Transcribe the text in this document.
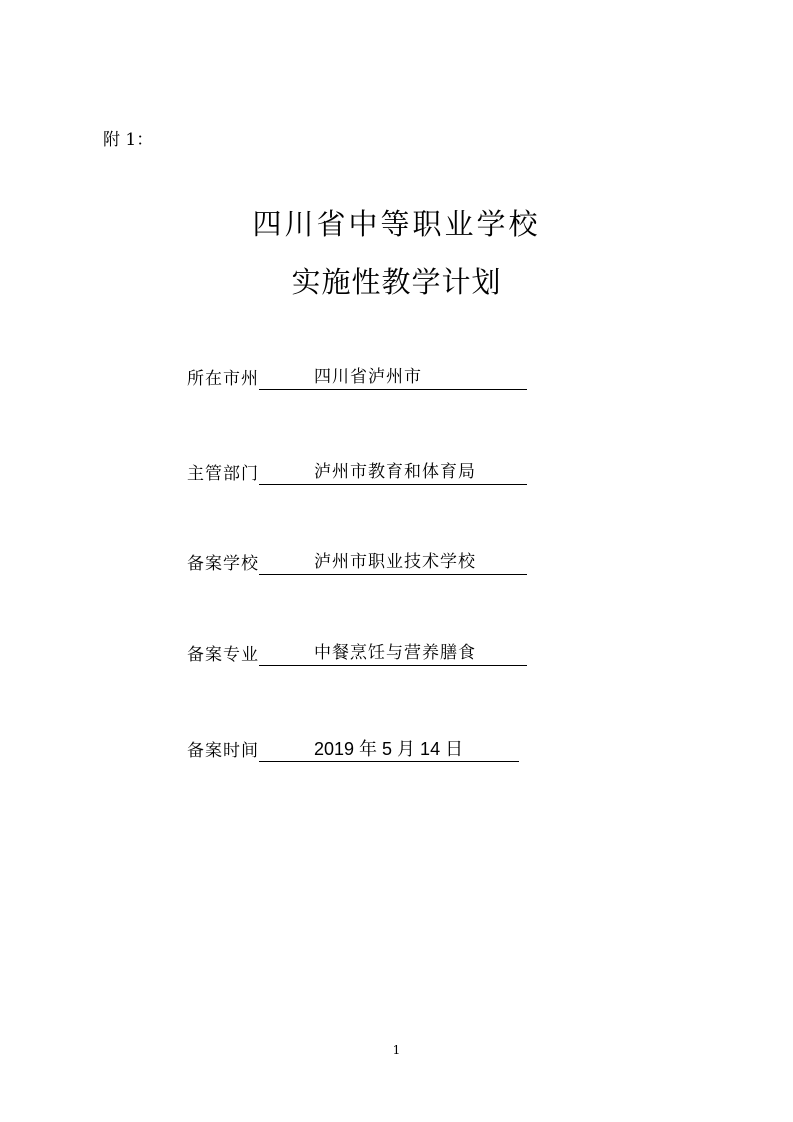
附 1：
四川省中等职业学校
实施性教学计划
所在市州	四川省泸州市
主管部门	泸州市教育和体育局
备案学校	泸州市职业技术学校
备案专业	中餐烹饪与营养膳食
备案时间	2019 年 5 月 14 日
1
